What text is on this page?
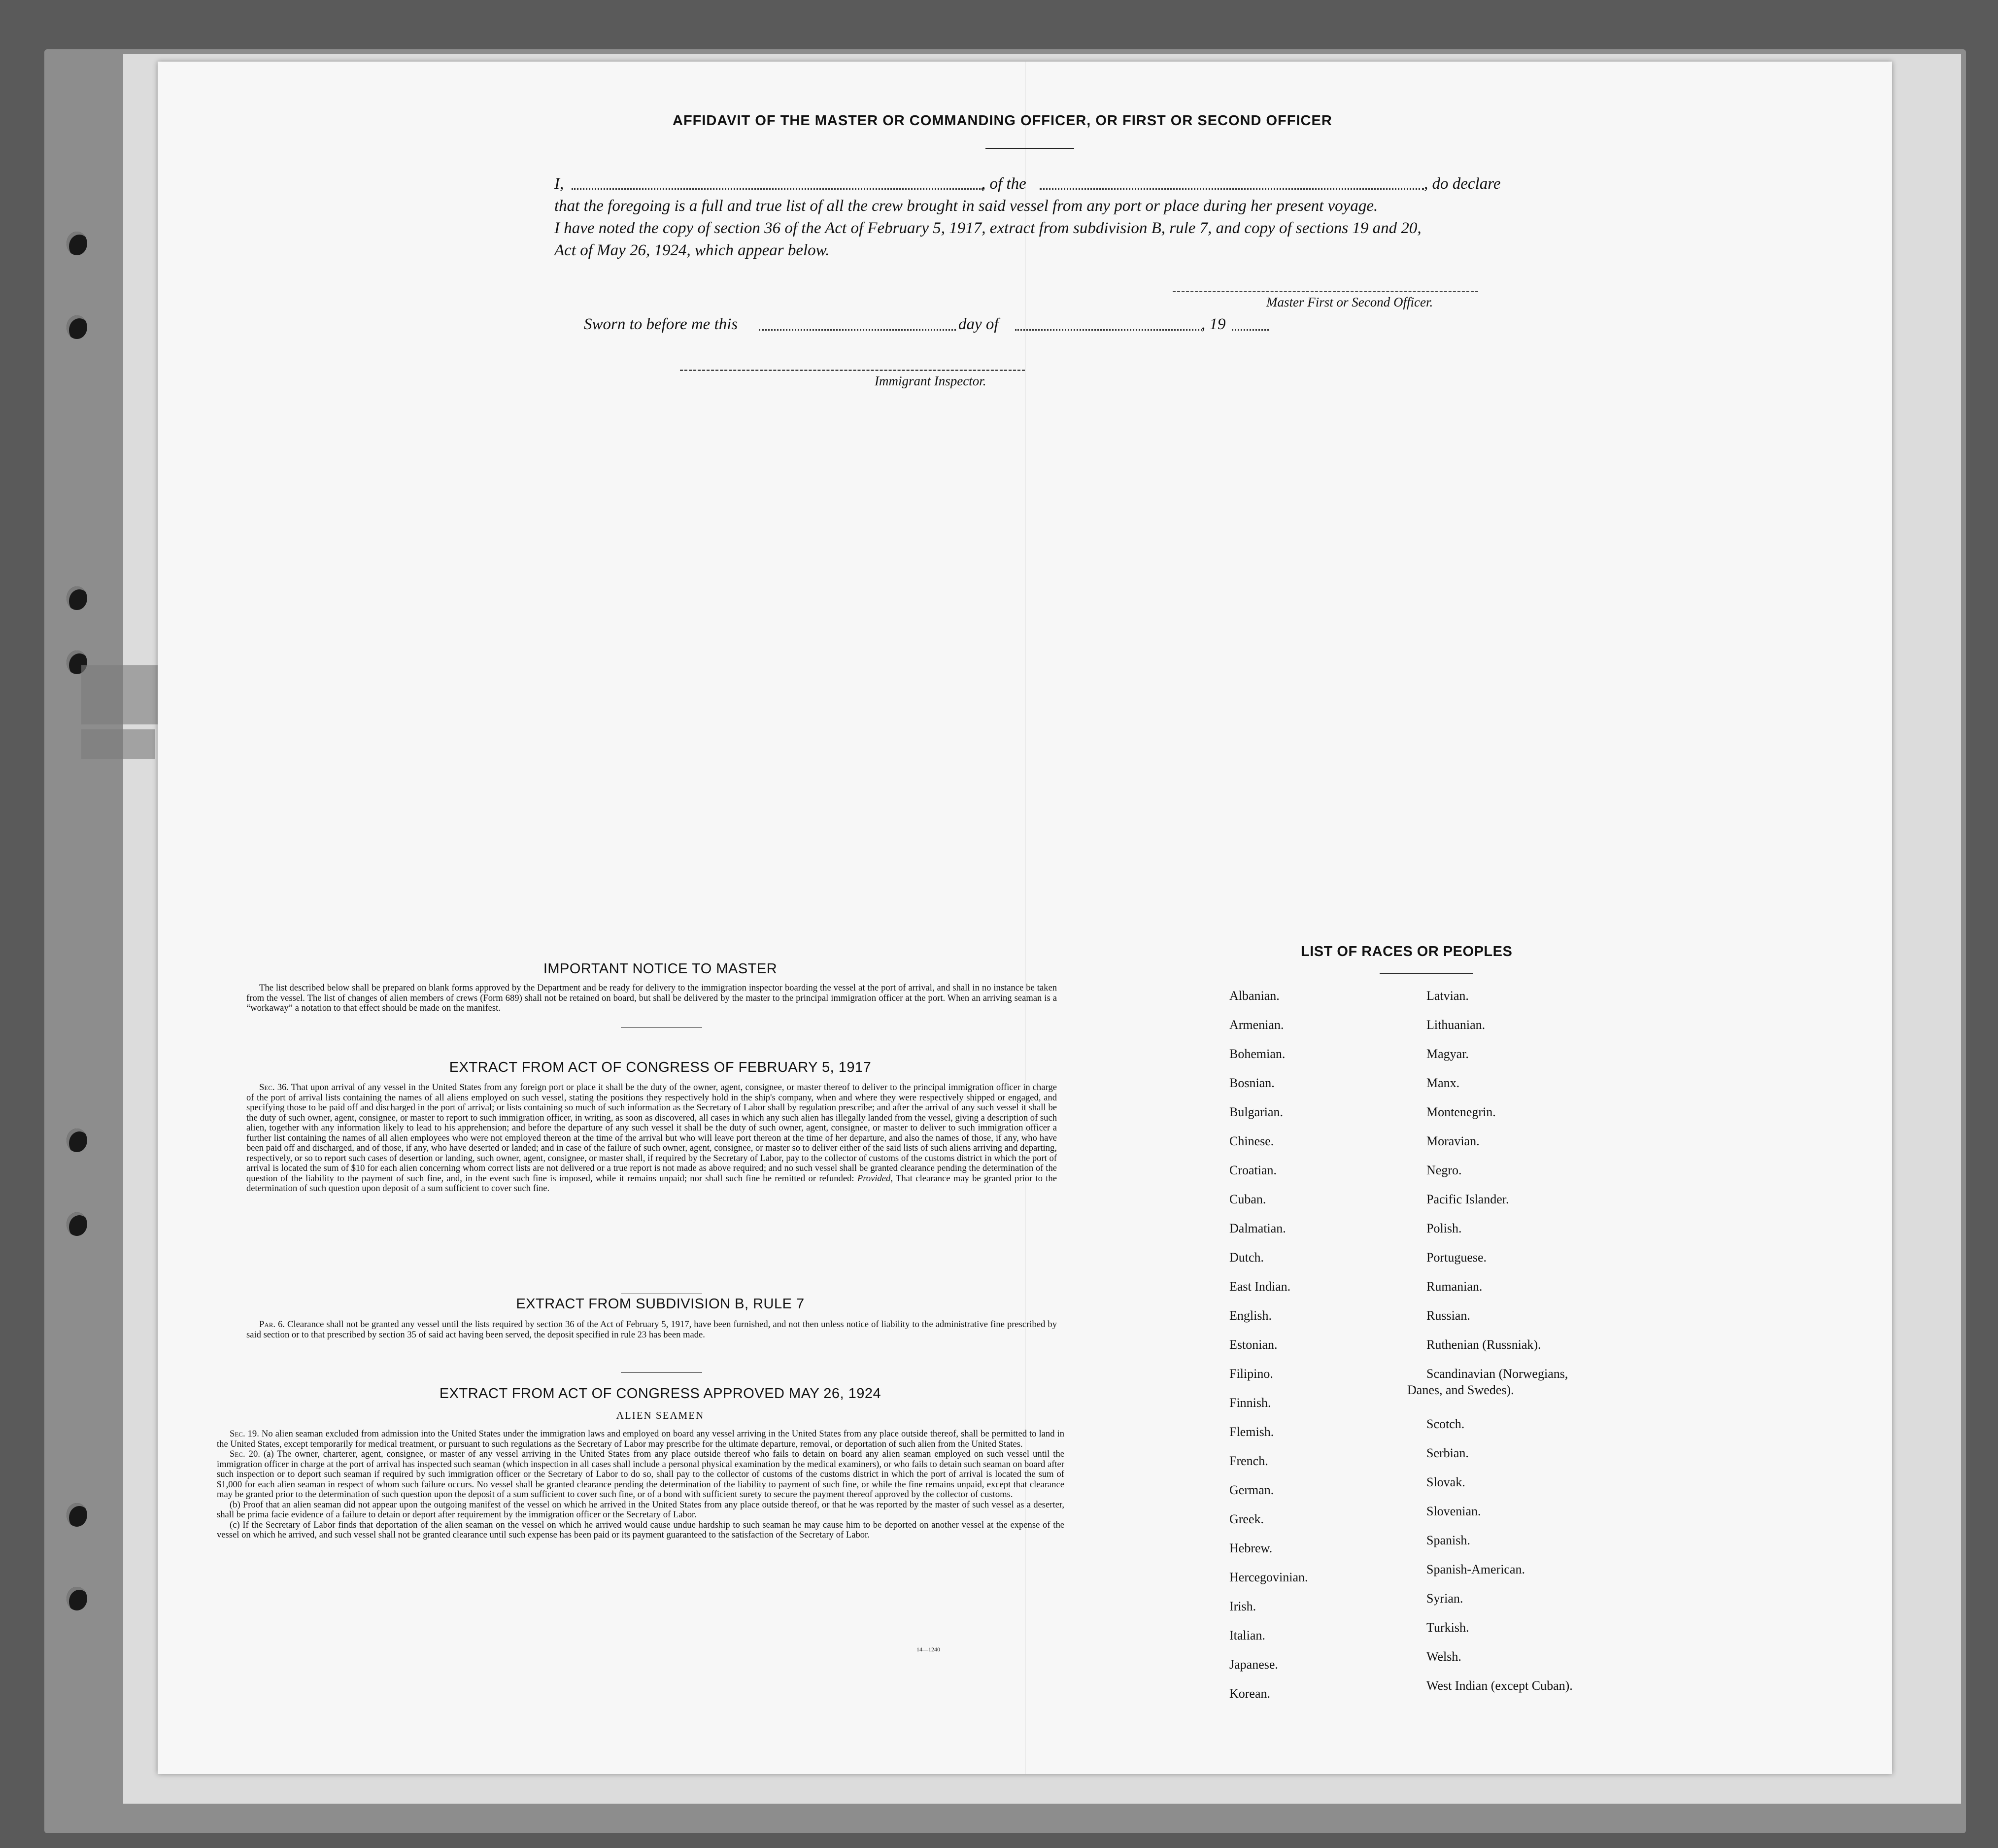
AFFIDAVIT OF THE MASTER OR COMMANDING OFFICER, OR FIRST OR SECOND OFFICER
I,	, of the	, do declare
that the foregoing is a full and true list of all the crew brought in said vessel from any port or place during her present voyage.
I have noted the copy of section 36 of the Act of February 5, 1917, extract from subdivision B, rule 7, and copy of sections 19 and 20,
Act of May 26, 1924, which appear below.
Master First or Second Officer.
Sworn to before me this	day of	, 19
Immigrant Inspector.
IMPORTANT NOTICE TO MASTER

The list described below shall be prepared on blank forms approved by the Department and be ready for delivery to the immigration inspector boarding the vessel at the port of arrival, and shall in no instance be taken from the vessel. The list of changes of alien members of crews (Form 689) shall not be retained on board, but shall be delivered by the master to the principal immigration officer at the port. When an arriving seaman is a “workaway” a notation to that effect should be made on the manifest.

EXTRACT FROM ACT OF CONGRESS OF FEBRUARY 5, 1917

Sec. 36. That upon arrival of any vessel in the United States from any foreign port or place it shall be the duty of the owner, agent, consignee, or master thereof to deliver to the principal immigration officer in charge of the port of arrival lists containing the names of all aliens employed on such vessel, stating the positions they respectively hold in the ship's company, when and where they were respectively shipped or engaged, and specifying those to be paid off and discharged in the port of arrival; or lists containing so much of such information as the Secretary of Labor shall by regulation prescribe; and after the arrival of any such vessel it shall be the duty of such owner, agent, consignee, or master to report to such immigration officer, in writing, as soon as discovered, all cases in which any such alien has illegally landed from the vessel, giving a description of such alien, together with any information likely to lead to his apprehension; and before the departure of any such vessel it shall be the duty of such owner, agent, consignee, or master to deliver to such immigration officer a further list containing the names of all alien employees who were not employed thereon at the time of the arrival but who will leave port thereon at the time of her departure, and also the names of those, if any, who have been paid off and discharged, and of those, if any, who have deserted or landed; and in case of the failure of such owner, agent, consignee, or master so to deliver either of the said lists of such aliens arriving and departing, respectively, or so to report such cases of desertion or landing, such owner, agent, consignee, or master shall, if required by the Secretary of Labor, pay to the collector of customs of the customs district in which the port of arrival is located the sum of $10 for each alien concerning whom correct lists are not delivered or a true report is not made as above required; and no such vessel shall be granted clearance pending the determination of the question of the liability to the payment of such fine, and, in the event such fine is imposed, while it remains unpaid; nor shall such fine be remitted or refunded: Provided, That clearance may be granted prior to the determination of such question upon deposit of a sum sufficient to cover such fine.

EXTRACT FROM SUBDIVISION B, RULE 7

Par. 6. Clearance shall not be granted any vessel until the lists required by section 36 of the Act of February 5, 1917, have been furnished, and not then unless notice of liability to the administrative fine prescribed by said section or to that prescribed by section 35 of said act having been served, the deposit specified in rule 23 has been made.

EXTRACT FROM ACT OF CONGRESS APPROVED MAY 26, 1924
ALIEN SEAMEN

Sec. 19. No alien seaman excluded from admission into the United States under the immigration laws and employed on board any vessel arriving in the United States from any place outside thereof, shall be permitted to land in the United States, except temporarily for medical treatment, or pursuant to such regulations as the Secretary of Labor may prescribe for the ultimate departure, removal, or deportation of such alien from the United States.

Sec. 20. (a) The owner, charterer, agent, consignee, or master of any vessel arriving in the United States from any place outside thereof who fails to detain on board any alien seaman employed on such vessel until the immigration officer in charge at the port of arrival has inspected such seaman (which inspection in all cases shall include a personal physical examination by the medical examiners), or who fails to detain such seaman on board after such inspection or to deport such seaman if required by such immigration officer or the Secretary of Labor to do so, shall pay to the collector of customs of the customs district in which the port of arrival is located the sum of $1,000 for each alien seaman in respect of whom such failure occurs. No vessel shall be granted clearance pending the determination of the liability to payment of such fine, or while the fine remains unpaid, except that clearance may be granted prior to the determination of such question upon the deposit of a sum sufficient to cover such fine, or of a bond with sufficient surety to secure the payment thereof approved by the collector of customs.

(b) Proof that an alien seaman did not appear upon the outgoing manifest of the vessel on which he arrived in the United States from any place outside thereof, or that he was reported by the master of such vessel as a deserter, shall be prima facie evidence of a failure to detain or deport after requirement by the immigration officer or the Secretary of Labor.

(c) If the Secretary of Labor finds that deportation of the alien seaman on the vessel on which he arrived would cause undue hardship to such seaman he may cause him to be deported on another vessel at the expense of the vessel on which he arrived, and such vessel shall not be granted clearance until such expense has been paid or its payment guaranteed to the satisfaction of the Secretary of Labor.

14—1240
LIST OF RACES OR PEOPLES
Albanian.
Armenian.
Bohemian.
Bosnian.
Bulgarian.
Chinese.
Croatian.
Cuban.
Dalmatian.
Dutch.
East Indian.
English.
Estonian.
Filipino.
Finnish.
Flemish.
French.
German.
Greek.
Hebrew.
Hercegovinian.
Irish.
Italian.
Japanese.
Korean.
Latvian.
Lithuanian.
Magyar.
Manx.
Montenegrin.
Moravian.
Negro.
Pacific Islander.
Polish.
Portuguese.
Rumanian.
Russian.
Ruthenian (Russniak).
Scandinavian (Norwegians,
Scotch.
Serbian.
Slovak.
Slovenian.
Spanish.
Spanish-American.
Syrian.
Turkish.
Welsh.
West Indian (except Cuban).
Danes, and Swedes).
